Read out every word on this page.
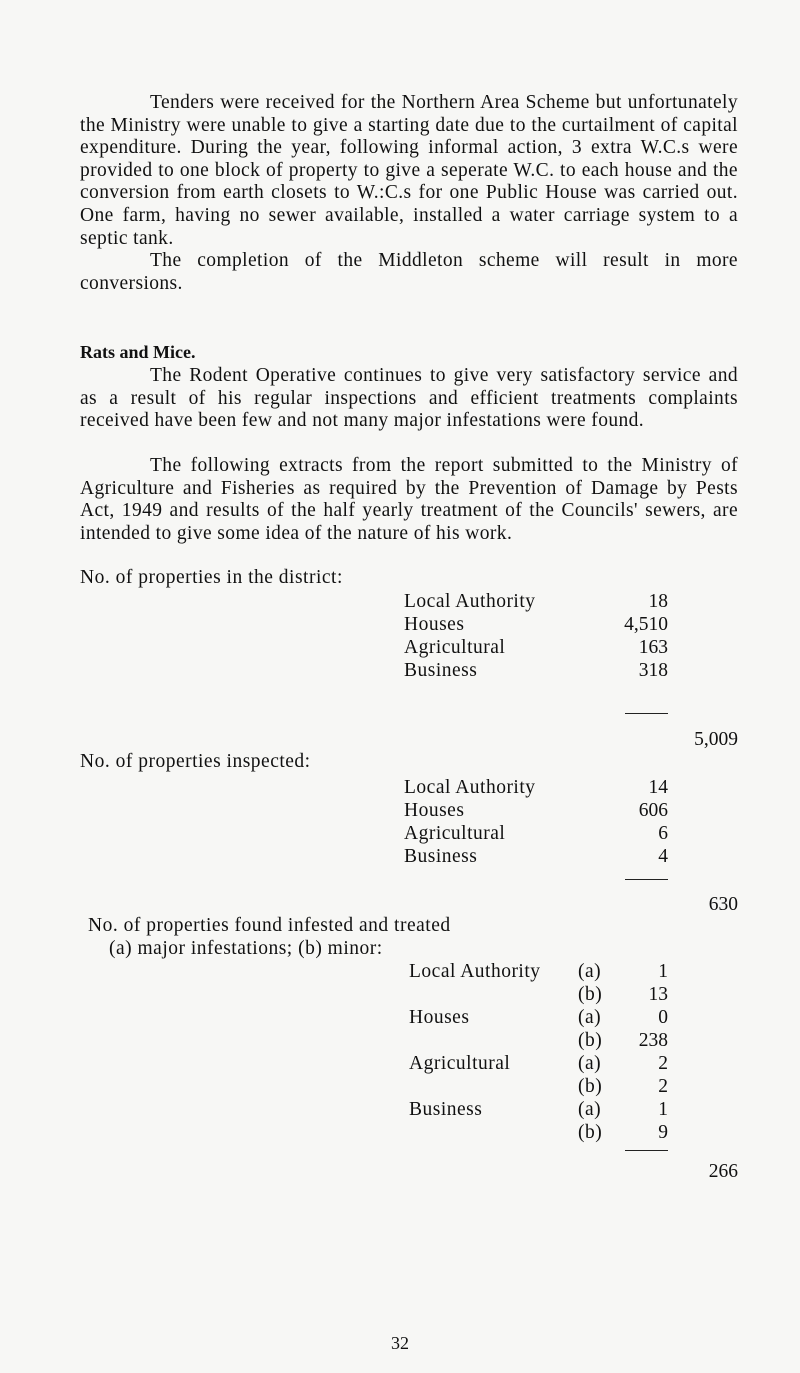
Tenders were received for the Northern Area Scheme but unfortunately the Ministry were unable to give a starting date due to the curtailment of capital expenditure. During the year, following informal action, 3 extra W.C.s were provided to one block of property to give a seperate W.C. to each house and the conversion from earth closets to W.:C.s for one Public House was carried out. One farm, having no sewer available, installed a water carriage system to a septic tank.

The completion of the Middleton scheme will result in more conversions.

Rats and Mice.

The Rodent Operative continues to give very satisfactory service and as a result of his regular inspections and efficient treatments complaints received have been few and not many major infestations were found.

The following extracts from the report submitted to the Ministry of Agriculture and Fisheries as required by the Prevention of Damage by Pests Act, 1949 and results of the half yearly treatment of the Councils' sewers, are intended to give some idea of the nature of his work.

No. of properties in the district:
Local Authority	18
Houses	4,510
Agricultural	163
Business	318
5,009
No. of properties inspected:
Local Authority	14
Houses	606
Agricultural	6
Business	4
630
No. of properties found infested and treated
(a) major infestations; (b) minor:
Local Authority (a)	1
(b)	13
Houses	(a)	0
(b)	238
Agricultural	(a)	2
(b)	2
Business	(a)	1
(b)	9
266
32
